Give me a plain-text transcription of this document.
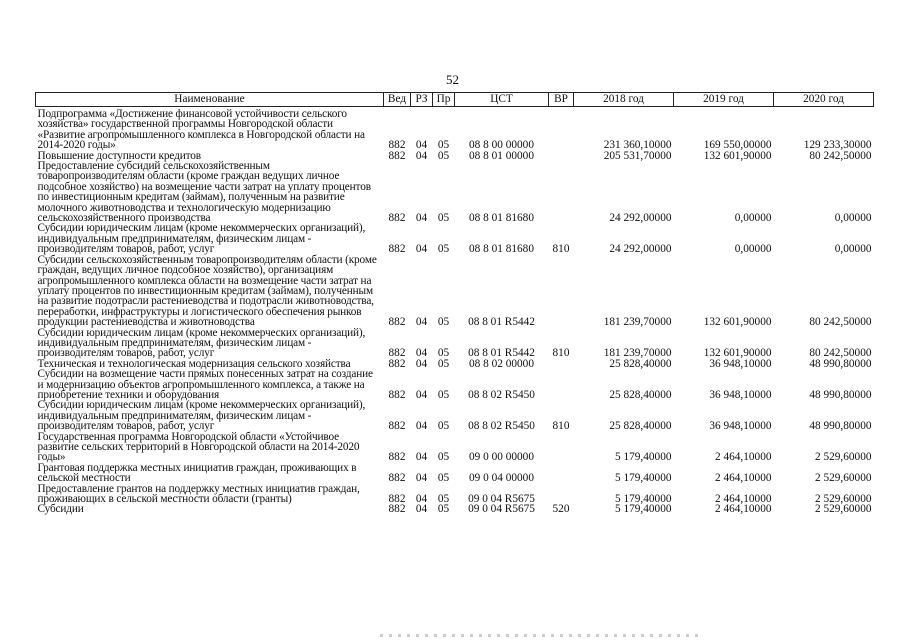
52
Наименование	Вед	РЗ	Пр	ЦСТ	ВР	2018 год	2019 год	2020 год
Подпрограмма «Достижение финансовой устойчивости сельского хозяйства» государственной программы Новгородской области «Развитие агропромышленного комплекса в Новгородской области на 2014-2020 годы»	882	04	05	08 8 00 00000		231 360,10000	169 550,00000	129 233,30000
Повышение доступности кредитов	882	04	05	08 8 01 00000		205 531,70000	132 601,90000	80 242,50000
Предоставление субсидий сельскохозяйственным товаропроизводителям области (кроме граждан ведущих личное подсобное хозяйство) на возмещение части затрат на уплату процентов по инвестиционным кредитам (займам), полученным на развитие молочного животноводства и технологическую модернизацию сельскохозяйственного производства	882	04	05	08 8 01 81680		24 292,00000	0,00000	0,00000
Субсидии юридическим лицам (кроме некоммерческих организаций), индивидуальным предпринимателям, физическим лицам - производителям товаров, работ, услуг	882	04	05	08 8 01 81680	810	24 292,00000	0,00000	0,00000
Субсидии сельскохозяйственным товаропроизводителям области (кроме граждан, ведущих личное подсобное хозяйство), организациям агропромышленного комплекса области на возмещение части затрат на уплату процентов по инвестиционным кредитам (займам), полученным на развитие подотрасли растениеводства и подотрасли животноводства, переработки, инфраструктуры и логистического обеспечения рынков продукции растениеводства и животноводства	882	04	05	08 8 01 R5442		181 239,70000	132 601,90000	80 242,50000
Субсидии юридическим лицам (кроме некоммерческих организаций), индивидуальным предпринимателям, физическим лицам - производителям товаров, работ, услуг	882	04	05	08 8 01 R5442	810	181 239,70000	132 601,90000	80 242,50000
Техническая и технологическая модернизация сельского хозяйства	882	04	05	08 8 02 00000		25 828,40000	36 948,10000	48 990,80000
Субсидии на возмещение части прямых понесенных затрат на создание и модернизацию объектов агропромышленного комплекса, а также на приобретение техники и оборудования	882	04	05	08 8 02 R5450		25 828,40000	36 948,10000	48 990,80000
Субсидии юридическим лицам (кроме некоммерческих организаций), индивидуальным предпринимателям, физическим лицам - производителям товаров, работ, услуг	882	04	05	08 8 02 R5450	810	25 828,40000	36 948,10000	48 990,80000
Государственная программа Новгородской области «Устойчивое развитие сельских территорий в Новгородской области на 2014-2020 годы»	882	04	05	09 0 00 00000		5 179,40000	2 464,10000	2 529,60000
Грантовая поддержка местных инициатив граждан, проживающих в сельской местности	882	04	05	09 0 04 00000		5 179,40000	2 464,10000	2 529,60000
Предоставление грантов на поддержку местных инициатив граждан, проживающих в сельской местности области (гранты)	882	04	05	09 0 04 R5675		5 179,40000	2 464,10000	2 529,60000
Субсидии	882	04	05	09 0 04 R5675	520	5 179,40000	2 464,10000	2 529,60000
